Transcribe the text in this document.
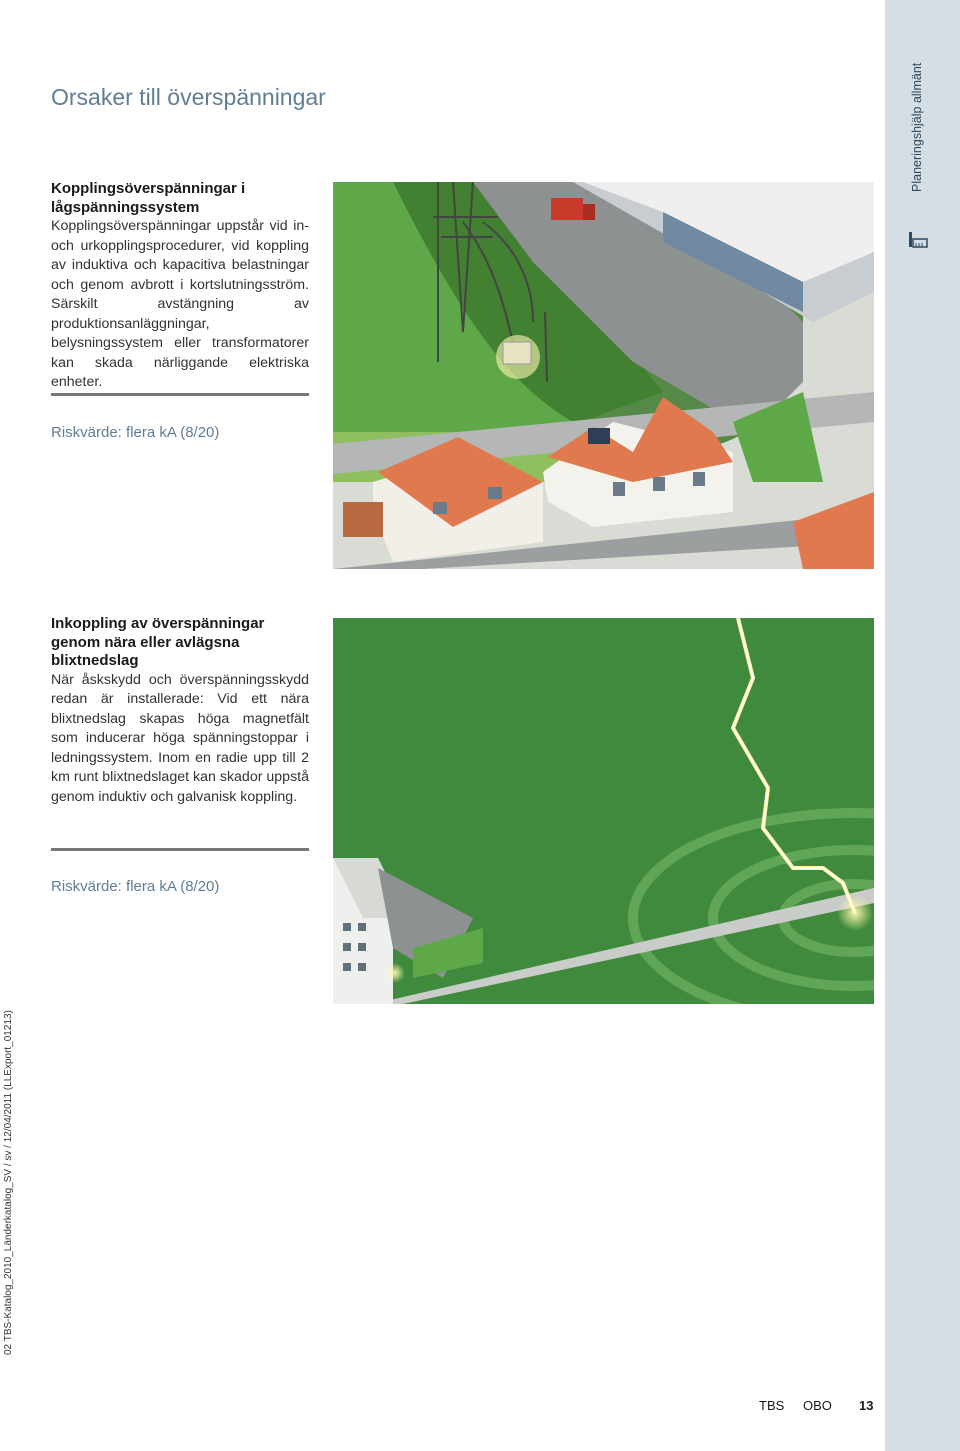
Orsaker till överspänningar
Kopplingsöverspänningar i lågspänningssystem
Kopplingsöverspänningar uppstår vid in- och urkopplingsprocedurer, vid koppling av induktiva och kapacitiva belastningar och genom avbrott i kortslutningsström. Särskilt avstängning av produktionsanläggningar, belysningssystem eller transformatorer kan skada närliggande elektriska enheter.
Riskvärde: flera kA (8/20)
Inkoppling av överspänningar genom nära eller avlägsna blixtnedslag
När åskskydd och överspänningsskydd redan är installerade: Vid ett nära blixtnedslag skapas höga magnetfält som inducerar höga spänningstoppar i ledningssystem. Inom en radie upp till 2 km runt blixtnedslaget kan skador uppstå genom induktiv och galvanisk koppling.
Riskvärde: flera kA (8/20)
Planeringshjälp allmänt
02 TBS-Katalog_2010_Länderkatalog_SV / sv / 12/04/2011 (LLExport_01213)
TBS OBO 13
